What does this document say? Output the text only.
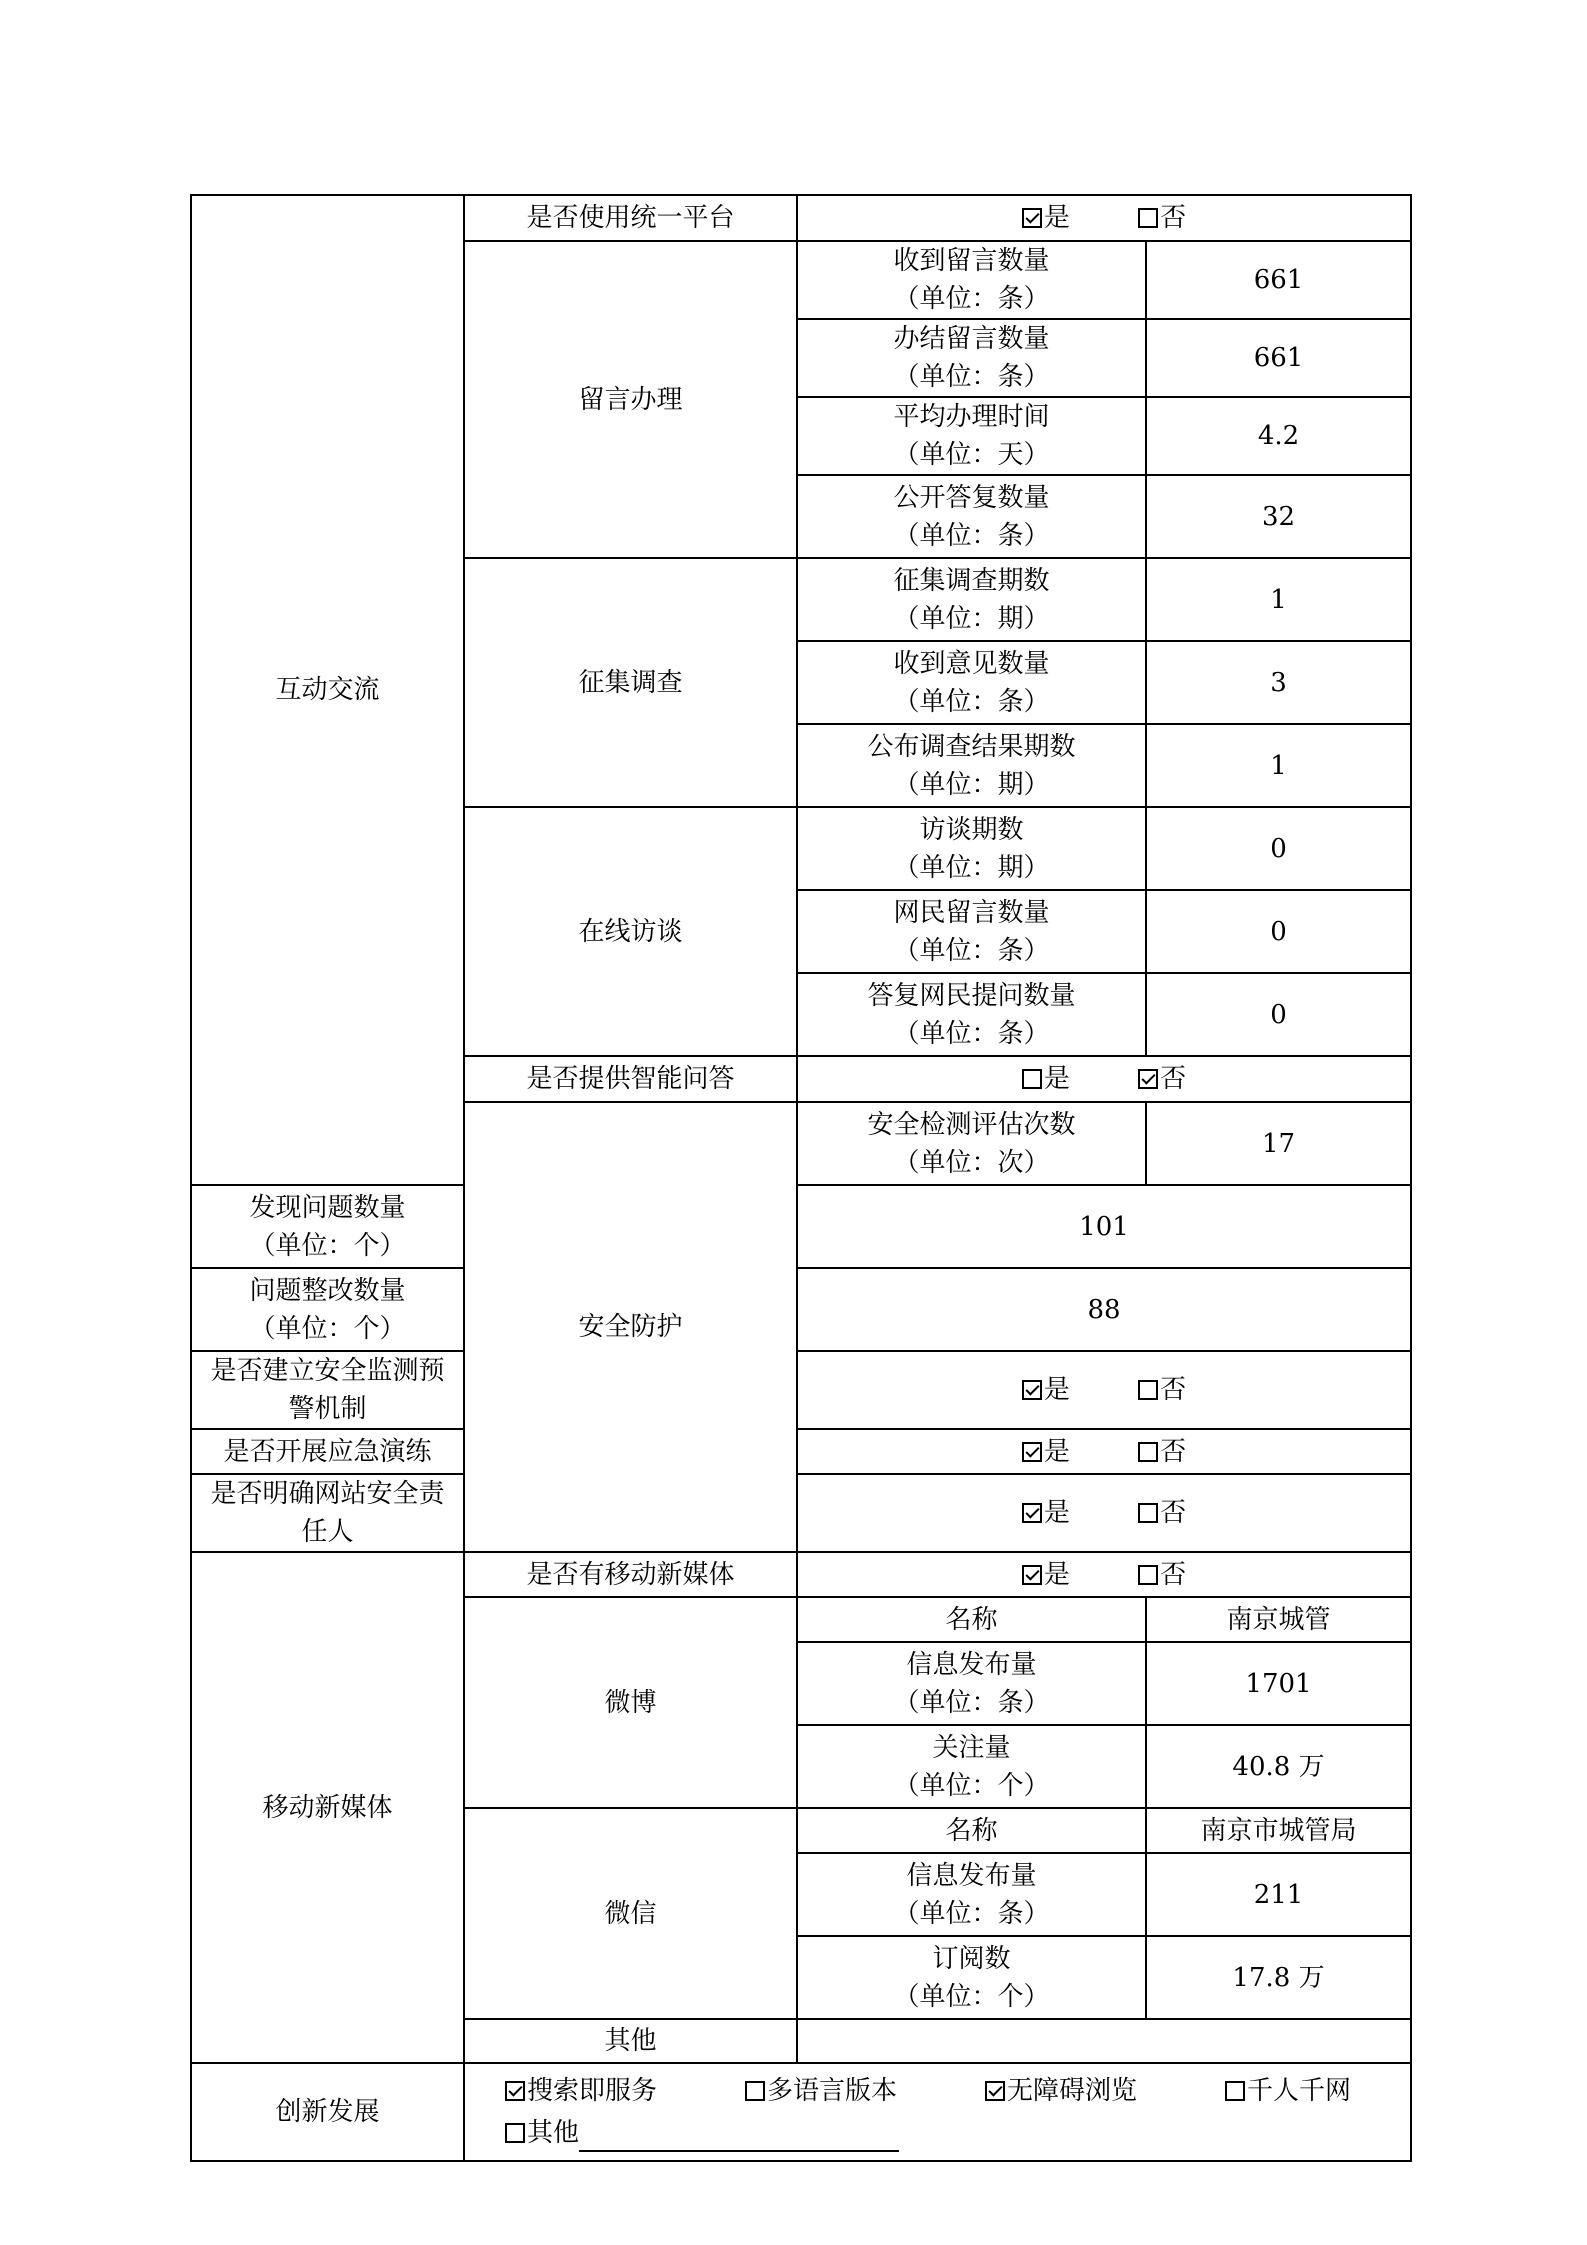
互动交流	是否使用统一平台	是 否	
	留言办理	收到留言数量
（单位：条）	661

		办结留言数量
（单位：条）	661

		平均办理时间
（单位：天）	4.2

		公开答复数量
（单位：条）	32
	征集调查	征集调查期数
（单位：期）	1

		收到意见数量
（单位：条）	3

		公布调查结果期数
（单位：期）	1
	在线访谈	访谈期数
（单位：期）	0

		网民留言数量
（单位：条）	0

		答复网民提问数量
（单位：条）	0
	是否提供智能问答	是 否	
	安全防护	安全检测评估次数
（单位：次）	17

发现问题数量
（单位：个）		101	

问题整改数量
（单位：个）		88	
是否建立安全监测预警机制		是 否	
是否开展应急演练		是 否	
是否明确网站安全责任人		是 否	
移动新媒体	是否有移动新媒体	是 否	
	微博	名称	南京城管

		信息发布量
（单位：条）	1701

		关注量
（单位：个）	40.8 万
	微信	名称	南京市城管局

		信息发布量
（单位：条）	211

		订阅数
（单位：个）	17.8 万
	其他		
创新发展	搜索即服务 多语言版本 无障碍浏览 千人千网
其他		
